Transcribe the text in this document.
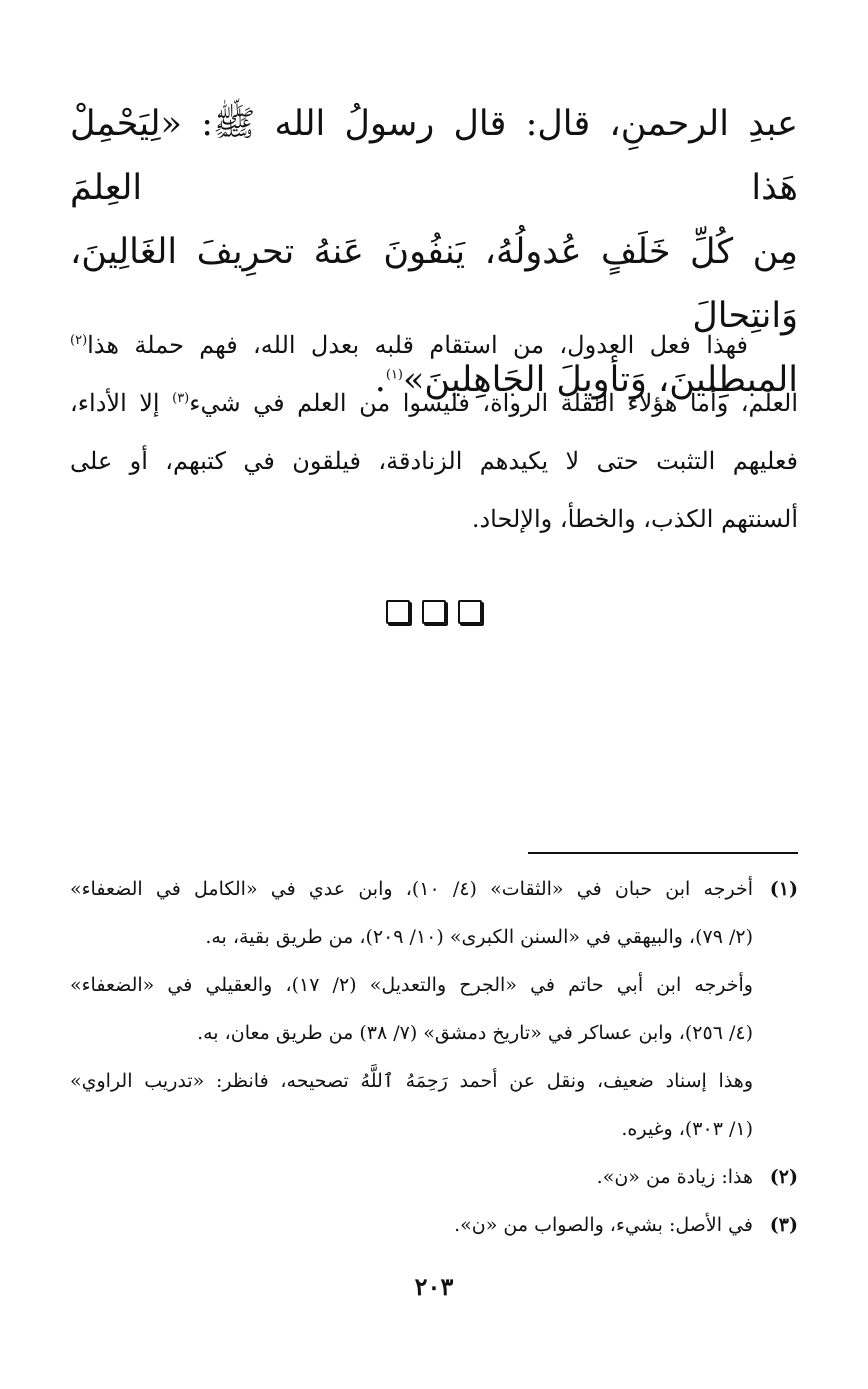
عبدِ الرحمنِ، قال: قال رسولُ الله ﷺ: «لِيَحْمِلْ هَذا العِلمَ
مِن كُلِّ خَلَفٍ عُدولُهُ، يَنفُونَ عَنهُ تحرِيفَ الغَالِينَ، وَانتِحالَ
المبطِلينَ، وَتأوِيلَ الجَاهِلينَ»$^{(١)}$.
فهذا فعل العدول، من استقام قلبه بعدل الله، فهم حملة هذا$^{(٢)}$
العلم، وأما هؤلاء النقلة الرواة، فليسوا من العلم في شيء$^{(٣)}$ إلا الأداء،
فعليهم التثبت حتى لا يكيدهم الزنادقة، فيلقون في كتبهم، أو على
ألسنتهم الكذب، والخطأ، والإلحاد.
(١)
أخرجه ابن حبان في «الثقات» (٤/ ١٠)، وابن عدي في «الكامل في الضعفاء»
(٢/ ٧٩)، والبيهقي في «السنن الكبرى» (١٠/ ٢٠٩)، من طريق بقية، به.
وأخرجه ابن أبي حاتم في «الجرح والتعديل» (٢/ ١٧)، والعقيلي في «الضعفاء»
(٤/ ٢٥٦)، وابن عساكر في «تاريخ دمشق» (٧/ ٣٨) من طريق معان، به.
وهذا إسناد ضعيف، ونقل عن أحمد رَحِمَهُ ٱللَّهُ تصحيحه، فانظر: «تدريب الراوي»
(١/ ٣٠٣)، وغيره.
(٢)
هذا: زيادة من «ن».
(٣)
في الأصل: بشيء، والصواب من «ن».
٢٠٣
